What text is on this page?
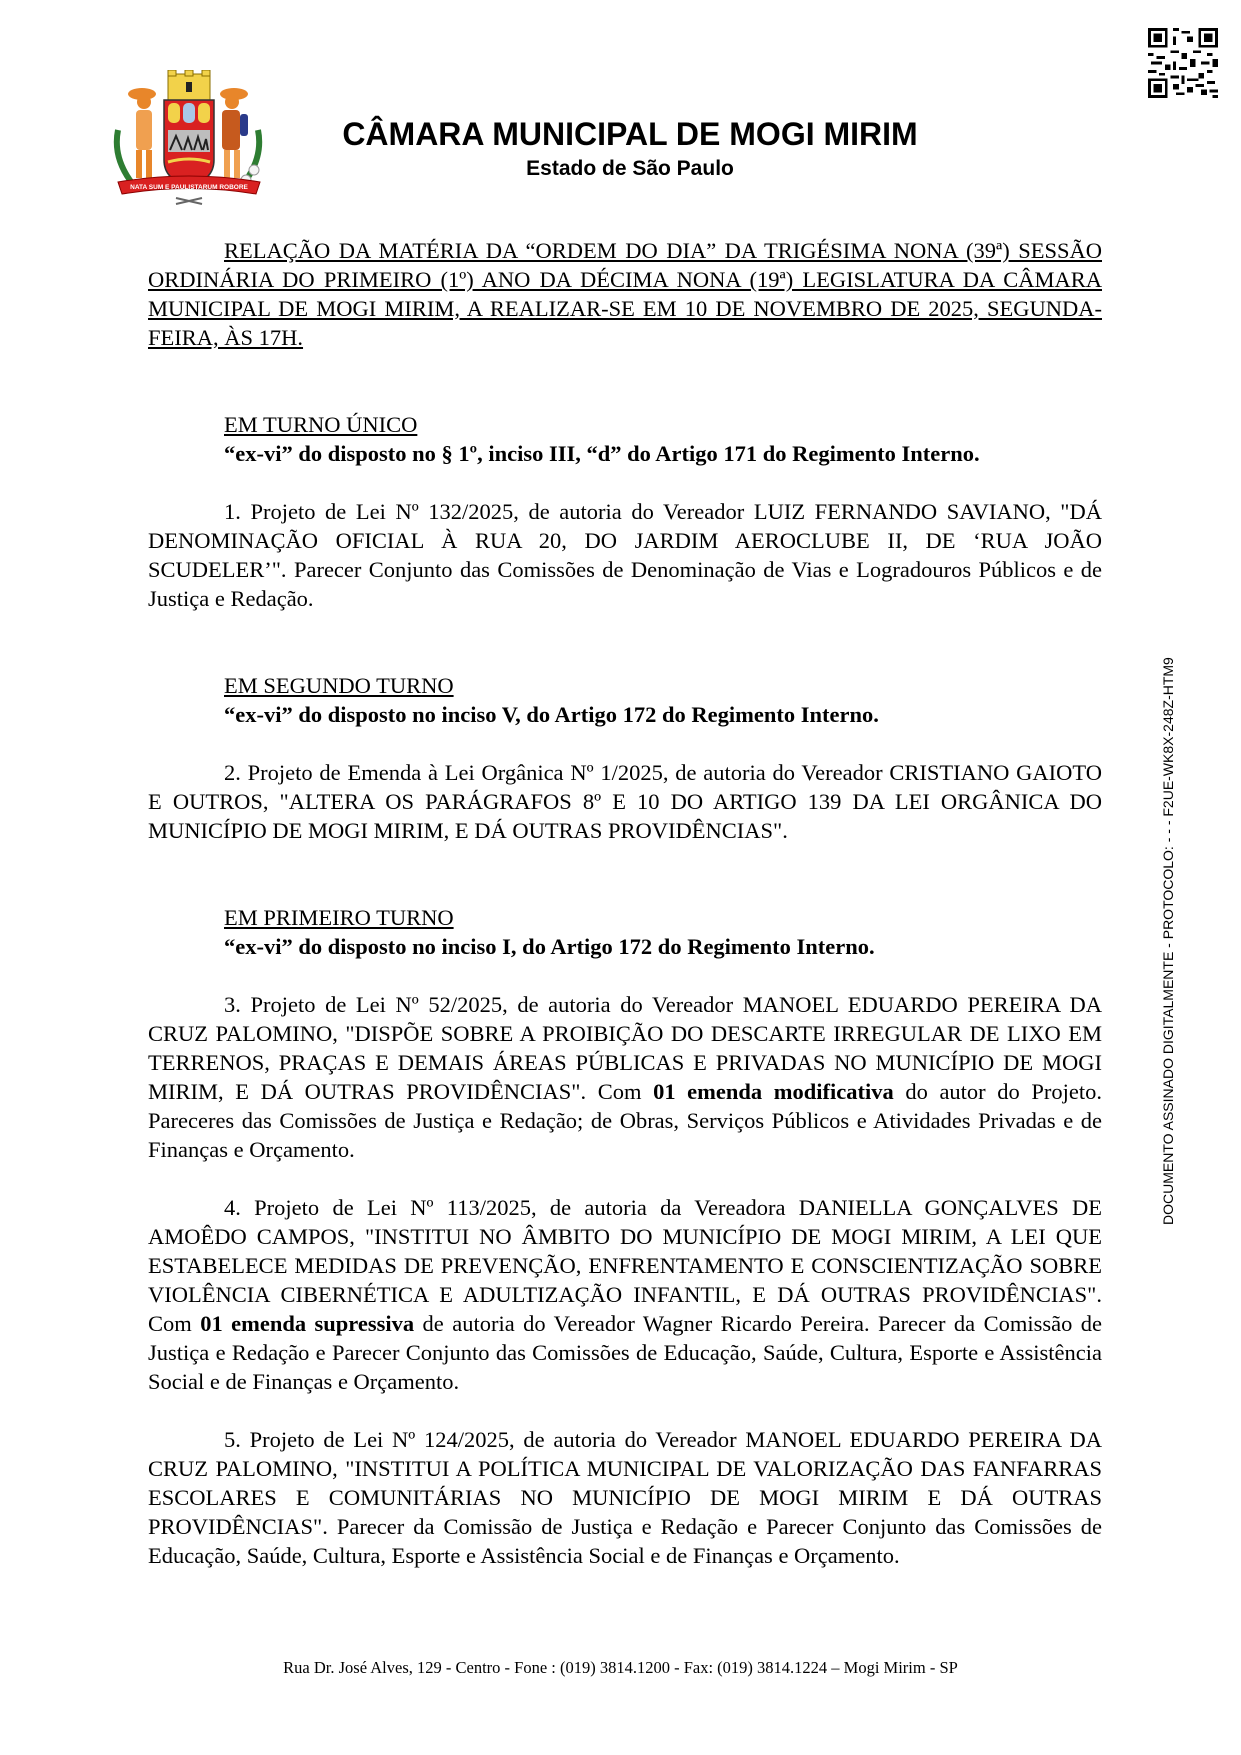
NATA SUM E PAULISTARUM ROBORE
CÂMARA MUNICIPAL DE MOGI MIRIM
Estado de São Paulo
DOCUMENTO ASSINADO DIGITALMENTE - PROTOCOLO: - - - F2UE-WK8X-248Z-HTM9

RELAÇÃO DA MATÉRIA DA “ORDEM DO DIA” DA TRIGÉSIMA NONA (39ª) SESSÃO ORDINÁRIA DO PRIMEIRO (1º) ANO DA DÉCIMA NONA (19ª) LEGISLATURA DA CÂMARA MUNICIPAL DE MOGI MIRIM, A REALIZAR-SE EM 10 DE NOVEMBRO DE 2025, SEGUNDA-FEIRA, ÀS 17H.

EM TURNO ÚNICO
“ex-vi” do disposto no § 1º, inciso III, “d” do Artigo 171 do Regimento Interno.

1. Projeto de Lei Nº 132/2025, de autoria do Vereador LUIZ FERNANDO SAVIANO, "DÁ DENOMINAÇÃO OFICIAL À RUA 20, DO JARDIM AEROCLUBE II, DE ‘RUA JOÃO SCUDELER’". Parecer Conjunto das Comissões de Denominação de Vias e Logradouros Públicos e de Justiça e Redação.

EM SEGUNDO TURNO
“ex-vi” do disposto no inciso V, do Artigo 172 do Regimento Interno.

2. Projeto de Emenda à Lei Orgânica Nº 1/2025, de autoria do Vereador CRISTIANO GAIOTO E OUTROS, "ALTERA OS PARÁGRAFOS 8º E 10 DO ARTIGO 139 DA LEI ORGÂNICA DO MUNICÍPIO DE MOGI MIRIM, E DÁ OUTRAS PROVIDÊNCIAS".

EM PRIMEIRO TURNO
“ex-vi” do disposto no inciso I, do Artigo 172 do Regimento Interno.

3. Projeto de Lei Nº 52/2025, de autoria do Vereador MANOEL EDUARDO PEREIRA DA CRUZ PALOMINO, "DISPÕE SOBRE A PROIBIÇÃO DO DESCARTE IRREGULAR DE LIXO EM TERRENOS, PRAÇAS E DEMAIS ÁREAS PÚBLICAS E PRIVADAS NO MUNICÍPIO DE MOGI MIRIM, E DÁ OUTRAS PROVIDÊNCIAS". Com 01 emenda modificativa do autor do Projeto. Pareceres das Comissões de Justiça e Redação; de Obras, Serviços Públicos e Atividades Privadas e de Finanças e Orçamento.

4. Projeto de Lei Nº 113/2025, de autoria da Vereadora DANIELLA GONÇALVES DE AMOÊDO CAMPOS, "INSTITUI NO ÂMBITO DO MUNICÍPIO DE MOGI MIRIM, A LEI QUE ESTABELECE MEDIDAS DE PREVENÇÃO, ENFRENTAMENTO E CONSCIENTIZAÇÃO SOBRE VIOLÊNCIA CIBERNÉTICA E ADULTIZAÇÃO INFANTIL, E DÁ OUTRAS PROVIDÊNCIAS". Com 01 emenda supressiva de autoria do Vereador Wagner Ricardo Pereira. Parecer da Comissão de Justiça e Redação e Parecer Conjunto das Comissões de Educação, Saúde, Cultura, Esporte e Assistência Social e de Finanças e Orçamento.

5. Projeto de Lei Nº 124/2025, de autoria do Vereador MANOEL EDUARDO PEREIRA DA CRUZ PALOMINO, "INSTITUI A POLÍTICA MUNICIPAL DE VALORIZAÇÃO DAS FANFARRAS ESCOLARES E COMUNITÁRIAS NO MUNICÍPIO DE MOGI MIRIM E DÁ OUTRAS PROVIDÊNCIAS". Parecer da Comissão de Justiça e Redação e Parecer Conjunto das Comissões de Educação, Saúde, Cultura, Esporte e Assistência Social e de Finanças e Orçamento.

Rua Dr. José Alves, 129 - Centro - Fone : (019) 3814.1200 - Fax: (019) 3814.1224 – Mogi Mirim - SP
